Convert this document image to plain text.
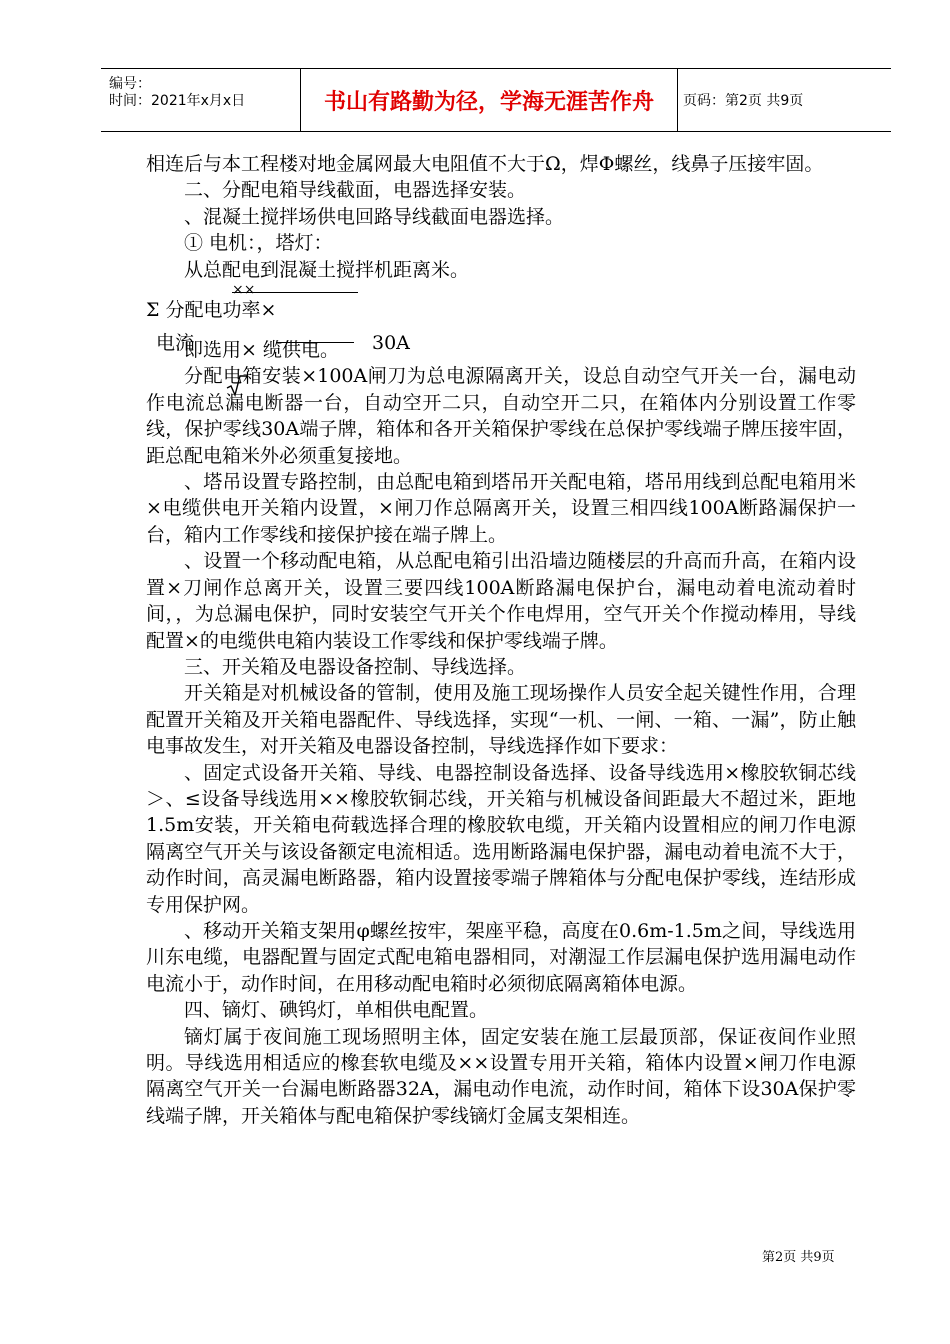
编号：
时间：2021年x月x日	书山有路勤为径，学海无涯苦作舟	页码：第2页 共9页

相连后与本工程楼对地金属网最大电阻值不大于Ω，焊Φ螺丝，线鼻子压接牢固。

二、分配电箱导线截面，电器选择安装。

、混凝土搅拌场供电回路导线截面电器选择。

① 电机：，塔灯：

从总配电到混凝土搅拌机距离米。

××
Σ 分配电功率×
电流	30A

即选用× 缆供电。

分配电箱安装×100A闸刀为总电源隔离开关，设总自动空气开关一台，漏电动作电流总漏电断器一台，自动空开二只，自动空开二只，在箱体内分别设置工作零线，保护零线30A端子牌，箱体和各开关箱保护零线在总保护零线端子牌压接牢固，距总配电箱米外必须重复接地。

、塔吊设置专路控制，由总配电箱到塔吊开关配电箱，塔吊用线到总配电箱用米×电缆供电开关箱内设置，×闸刀作总隔离开关，设置三相四线100A断路漏保护一台，箱内工作零线和接保护接在端子牌上。

、设置一个移动配电箱，从总配电箱引出沿墙边随楼层的升高而升高，在箱内设置×刀闸作总离开关，设置三要四线100A断路漏电保护台，漏电动着电流动着时间，，为总漏电保护，同时安装空气开关个作电焊用，空气开关个作搅动棒用，导线配置×的电缆供电箱内装设工作零线和保护零线端子牌。

三、开关箱及电器设备控制、导线选择。

开关箱是对机械设备的管制，使用及施工现场操作人员安全起关键性作用，合理配置开关箱及开关箱电器配件、导线选择，实现“一机、一闸、一箱、一漏”，防止触电事故发生，对开关箱及电器设备控制，导线选择作如下要求：

、固定式设备开关箱、导线、电器控制设备选择、设备导线选用×橡胶软铜芯线＞、≤设备导线选用××橡胶软铜芯线，开关箱与机械设备间距最大不超过米，距地1.5m安装，开关箱电荷载选择合理的橡胶软电缆，开关箱内设置相应的闸刀作电源隔离空气开关与该设备额定电流相适。选用断路漏电保护器，漏电动着电流不大于，动作时间，高灵漏电断路器，箱内设置接零端子牌箱体与分配电保护零线，连结形成专用保护网。

、移动开关箱支架用φ螺丝按牢，架座平稳，高度在0.6m-1.5m之间，导线选用川东电缆，电器配置与固定式配电箱电器相同，对潮湿工作层漏电保护选用漏电动作电流小于，动作时间，在用移动配电箱时必须彻底隔离箱体电源。

四、镝灯、碘钨灯，单相供电配置。

镝灯属于夜间施工现场照明主体，固定安装在施工层最顶部，保证夜间作业照明。导线选用相适应的橡套软电缆及××设置专用开关箱，箱体内设置×闸刀作电源隔离空气开关一台漏电断路器32A，漏电动作电流，动作时间，箱体下设30A保护零线端子牌，开关箱体与配电箱保护零线镝灯金属支架相连。

第2页 共9页
